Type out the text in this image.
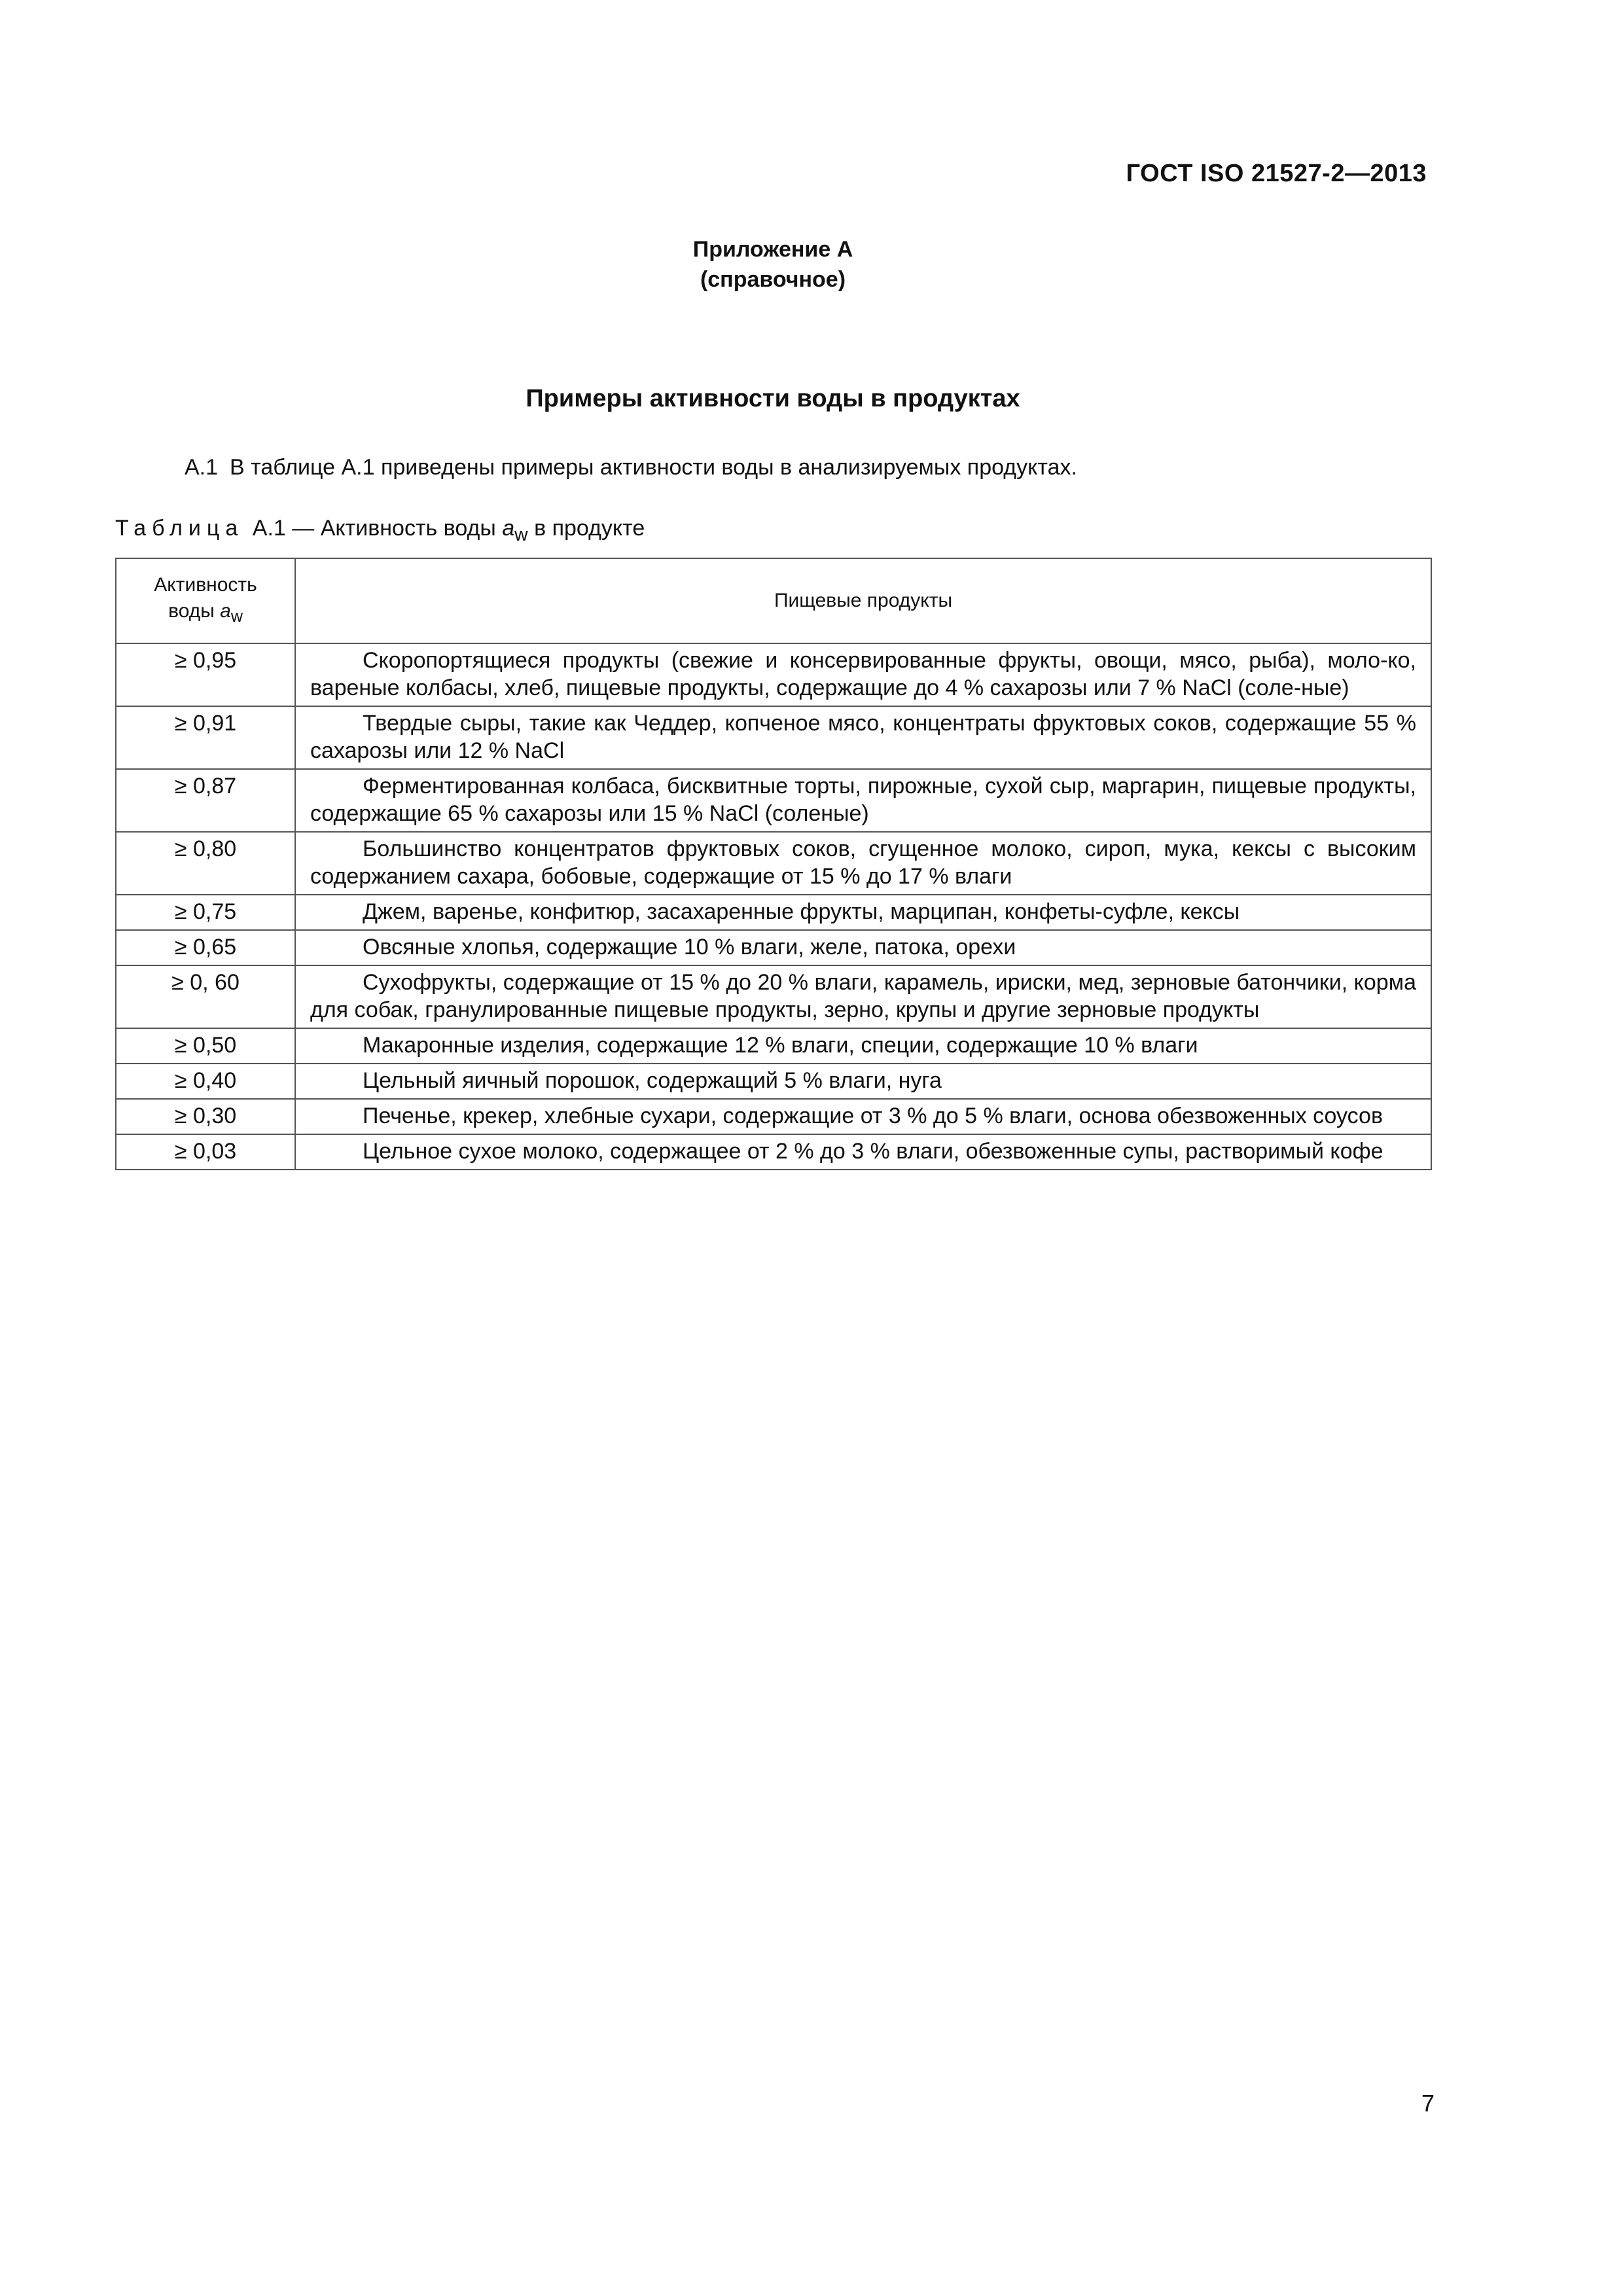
ГОСТ ISO 21527-2—2013
Приложение А
(справочное)
Примеры активности воды в продуктах
А.1 В таблице А.1 приведены примеры активности воды в анализируемых продуктах.
Таблица А.1 — Активность воды $a_w$ в продукте
Активность
воды $a_w$	Пищевые продукты
≥ 0,95	Скоропортящиеся продукты (свежие и консервированные фрукты, овощи, мясо, рыба), моло-ко, вареные колбасы, хлеб, пищевые продукты, содержащие до 4 % сахарозы или 7 % NaCl (соле-ные)

≥ 0,91	Твердые сыры, такие как Чеддер, копченое мясо, концентраты фруктовых соков, содержащие 55 % сахарозы или 12 % NaCl

≥ 0,87	Ферментированная колбаса, бисквитные торты, пирожные, сухой сыр, маргарин, пищевые продукты, содержащие 65 % сахарозы или 15 % NaCl (соленые)

≥ 0,80	Большинство концентратов фруктовых соков, сгущенное молоко, сироп, мука, кексы с высоким содержанием сахара, бобовые, содержащие от 15 % до 17 % влаги

≥ 0,75	Джем, варенье, конфитюр, засахаренные фрукты, марципан, конфеты-суфле, кексы

≥ 0,65	Овсяные хлопья, содержащие 10 % влаги, желе, патока, орехи

≥ 0, 60	Сухофрукты, содержащие от 15 % до 20 % влаги, карамель, ириски, мед, зерновые батончики, корма для собак, гранулированные пищевые продукты, зерно, крупы и другие зерновые продукты

≥ 0,50	Макаронные изделия, содержащие 12 % влаги, специи, содержащие 10 % влаги

≥ 0,40	Цельный яичный порошок, содержащий 5 % влаги, нуга

≥ 0,30	Печенье, крекер, хлебные сухари, содержащие от 3 % до 5 % влаги, основа обезвоженных соусов

≥ 0,03	Цельное сухое молоко, содержащее от 2 % до 3 % влаги, обезвоженные супы, растворимый кофе
7
